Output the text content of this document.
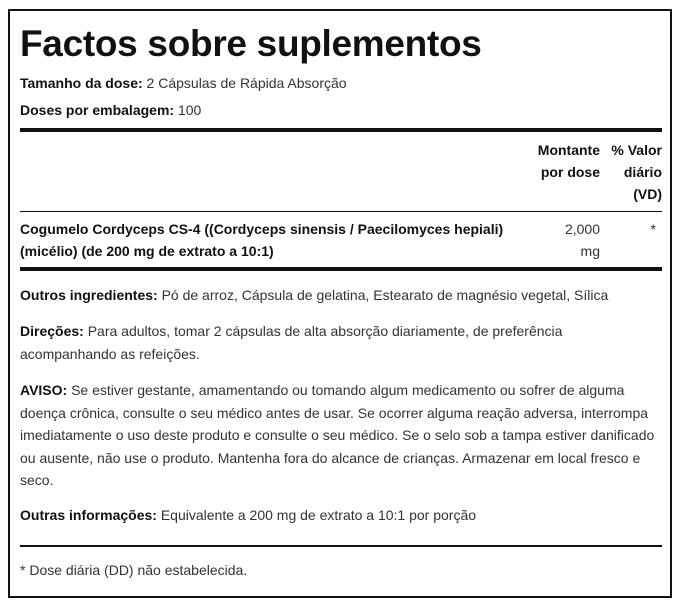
Factos sobre suplementos
Tamanho da dose: 2 Cápsulas de Rápida Absorção
Doses por embalagem: 100
Montante
por dose
% Valor
diário
(VD)
Cogumelo Cordyceps CS-4 ((Cordyceps sinensis / Paecilomyces hepiali)
(micélio) (de 200 mg de extrato a 10:1)
2,000
mg
*
Outros ingredientes: Pó de arroz, Cápsula de gelatina, Estearato de magnésio vegetal, Sílica
Direções: Para adultos, tomar 2 cápsulas de alta absorção diariamente, de preferência acompanhando as refeições.
AVISO: Se estiver gestante, amamentando ou tomando algum medicamento ou sofrer de alguma doença crônica, consulte o seu médico antes de usar. Se ocorrer alguma reação adversa, interrompa imediatamente o uso deste produto e consulte o seu médico. Se o selo sob a tampa estiver danificado ou ausente, não use o produto. Mantenha fora do alcance de crianças. Armazenar em local fresco e seco.
Outras informações: Equivalente a 200 mg de extrato a 10:1 por porção
* Dose diária (DD) não estabelecida.
